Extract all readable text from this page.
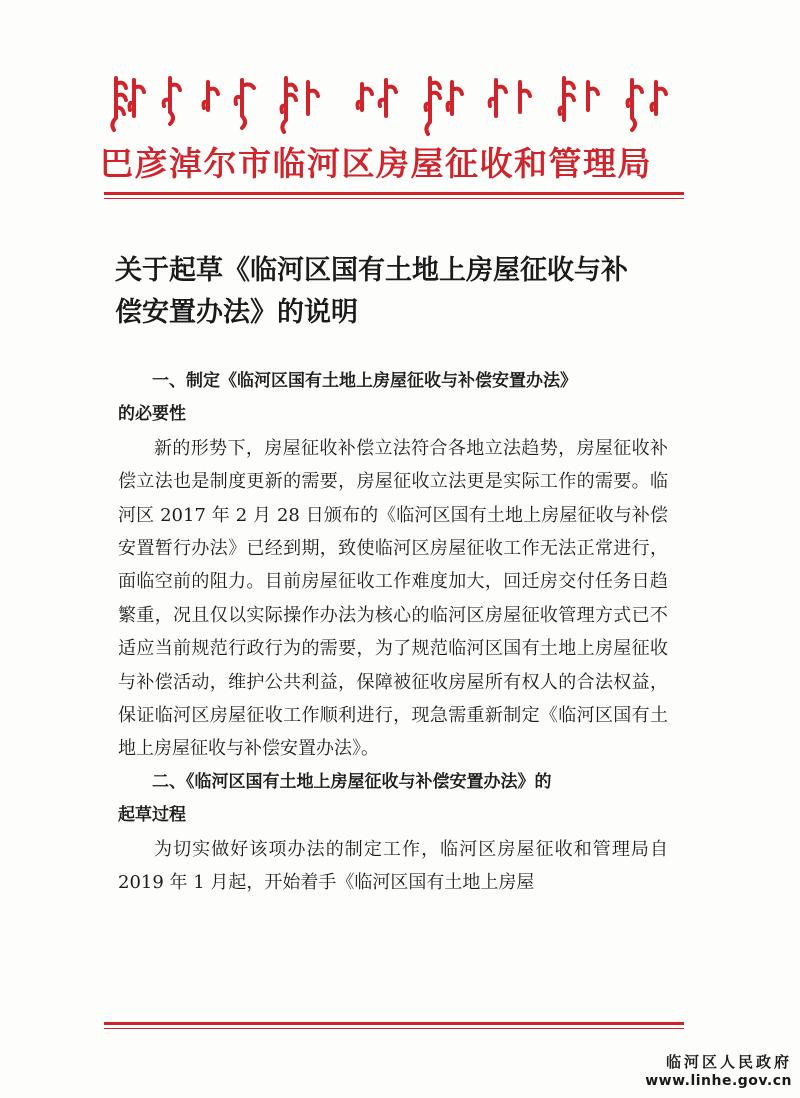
巴彦淖尔市临河区房屋征收和管理局
关于起草《临河区国有土地上房屋征收与补
偿安置办法》的说明
一、制定《临河区国有土地上房屋征收与补偿安置办法》
的必要性

新的形势下，房屋征收补偿立法符合各地立法趋势，房屋征收补偿立法也是制度更新的需要，房屋征收立法更是实际工作的需要。临河区 2017 年 2 月 28 日颁布的《临河区国有土地上房屋征收与补偿安置暂行办法》已经到期，致使临河区房屋征收工作无法正常进行，面临空前的阻力。目前房屋征收工作难度加大，回迁房交付任务日趋繁重，况且仅以实际操作办法为核心的临河区房屋征收管理方式已不适应当前规范行政行为的需要，为了规范临河区国有土地上房屋征收与补偿活动，维护公共利益，保障被征收房屋所有权人的合法权益，保证临河区房屋征收工作顺利进行，现急需重新制定《临河区国有土地上房屋征收与补偿安置办法》。

二、《临河区国有土地上房屋征收与补偿安置办法》的
起草过程

为切实做好该项办法的制定工作，临河区房屋征收和管理局自 2019 年 1 月起，开始着手《临河区国有土地上房屋

临河区人民政府
www.linhe.gov.cn
